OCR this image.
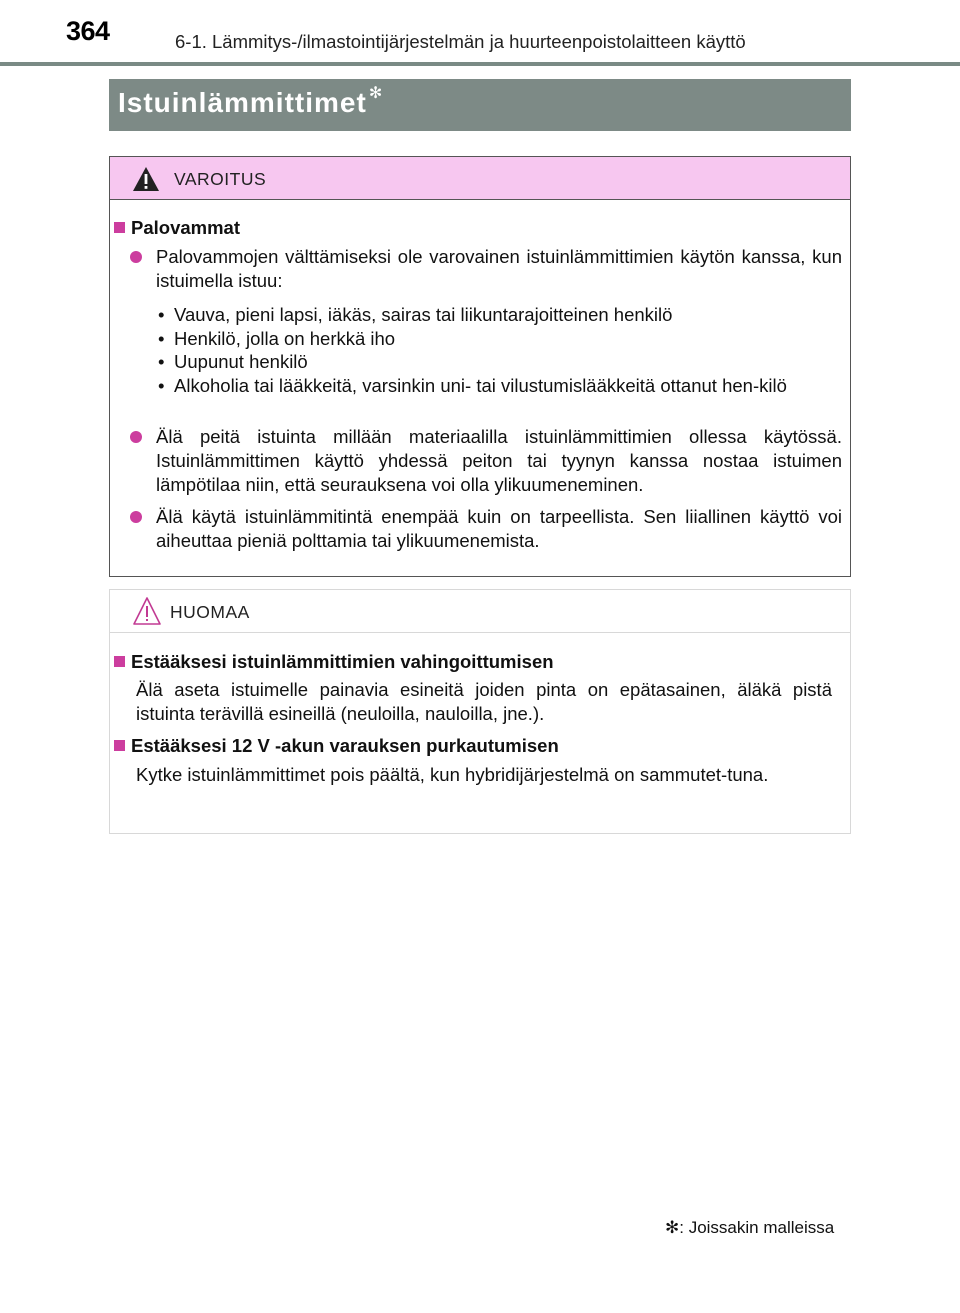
364	6-1. Lämmitys-/ilmastointijärjestelmän ja huurteenpoistolaitteen käyttö
Istuinlämmittimet ✻
VAROITUS
Palovammat
Palovammojen välttämiseksi ole varovainen istuinlämmittimien käytön kanssa, kun istuimella istuu:
• Vauva, pieni lapsi, iäkäs, sairas tai liikuntarajoitteinen henkilö
• Henkilö, jolla on herkkä iho
• Uupunut henkilö
• Alkoholia tai lääkkeitä, varsinkin uni- tai vilustumislääkkeitä ottanut hen-kilö
Älä peitä istuinta millään materiaalilla istuinlämmittimien ollessa käytössä. Istuinlämmittimen käyttö yhdessä peiton tai tyynyn kanssa nostaa istuimen lämpötilaa niin, että seurauksena voi olla ylikuumeneminen.
Älä käytä istuinlämmitintä enempää kuin on tarpeellista. Sen liiallinen käyttö voi aiheuttaa pieniä polttamia tai ylikuumenemista.
HUOMAA
Estääksesi istuinlämmittimien vahingoittumisen
Älä aseta istuimelle painavia esineitä joiden pinta on epätasainen, äläkä pistä istuinta terävillä esineillä (neuloilla, nauloilla, jne.).
Estääksesi 12 V -akun varauksen purkautumisen
Kytke istuinlämmittimet pois päältä, kun hybridijärjestelmä on sammutet-tuna.
✻: Joissakin malleissa
